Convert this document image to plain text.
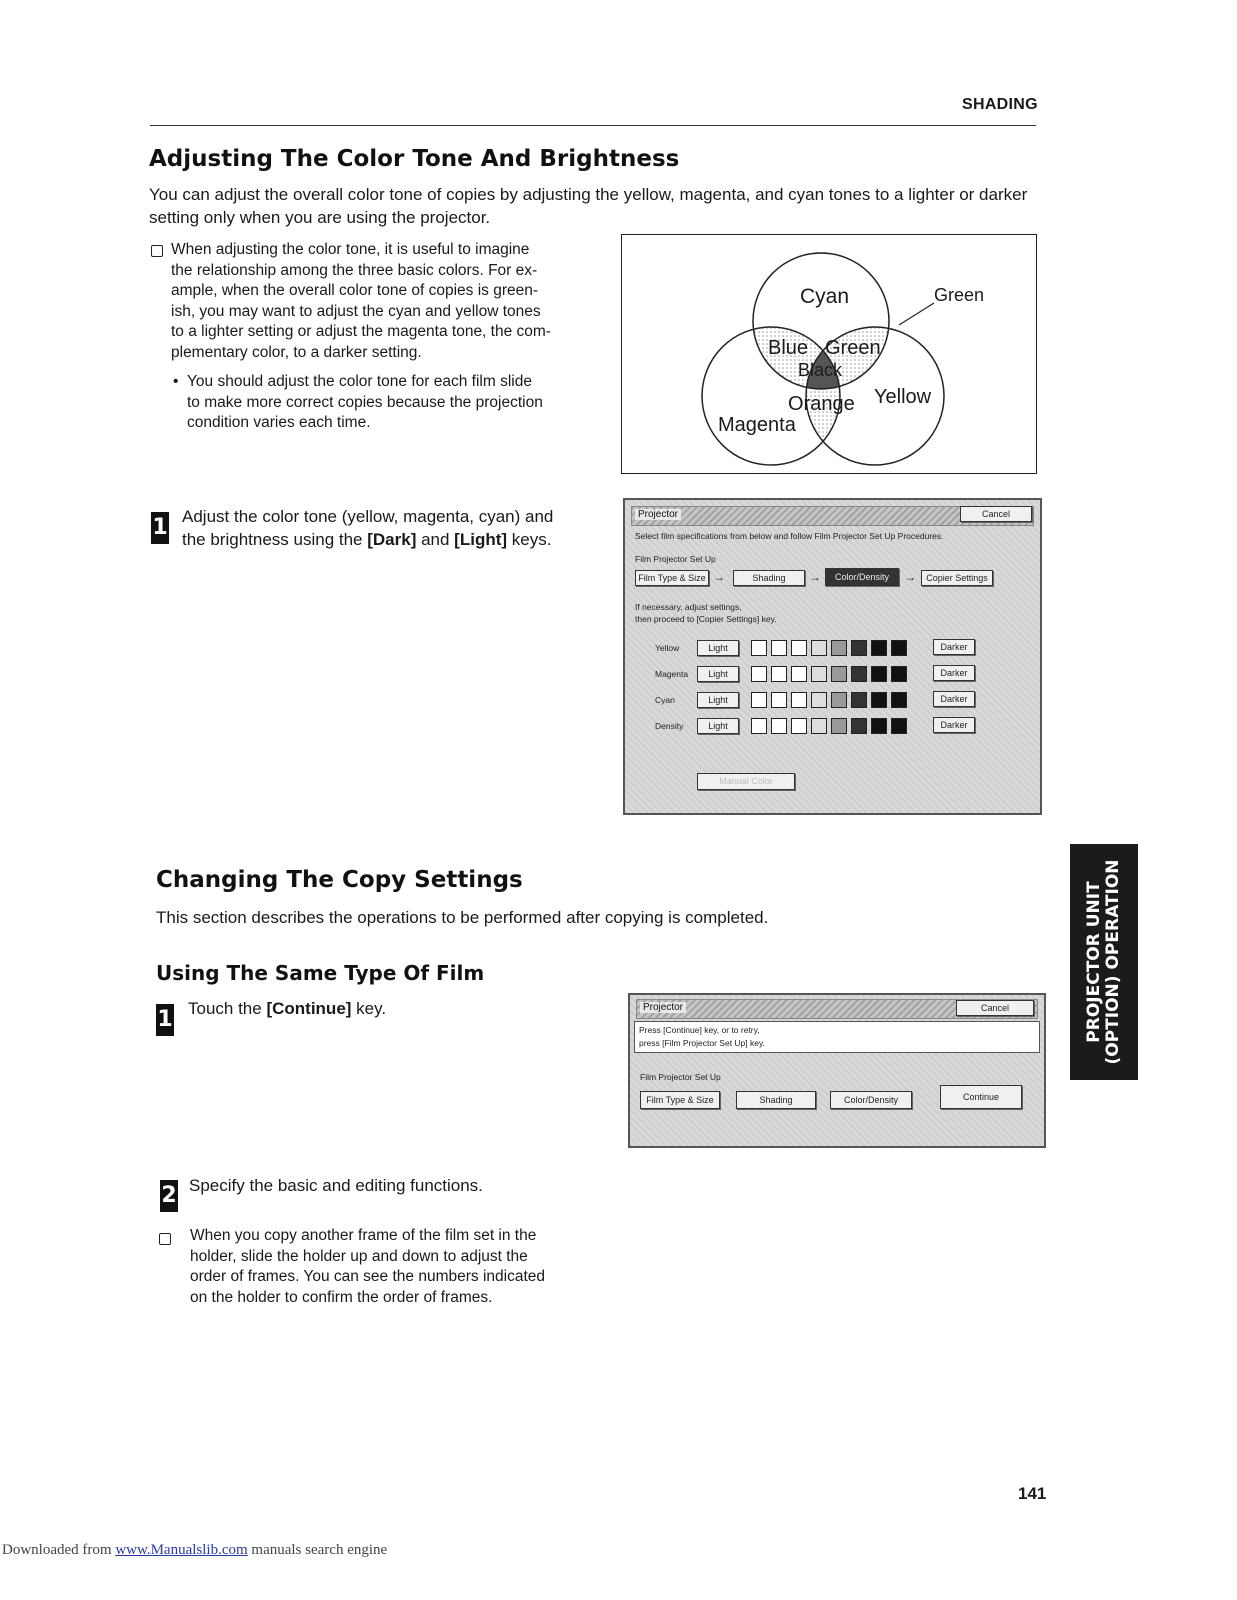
SHADING
Adjusting The Color Tone And Brightness
You can adjust the overall color tone of copies by adjusting the yellow, magenta, and cyan tones to a lighter or darker setting only when you are using the projector.
When adjusting the color tone, it is useful to imagine
the relationship among the three basic colors. For ex-
ample, when the overall color tone of copies is green-
ish, you may want to adjust the cyan and yellow tones
to a lighter setting or adjust the magenta tone, the com-
plementary color, to a darker setting.
• You should adjust the color tone for each film slide
to make more correct copies because the projection
condition varies each time.
Cyan	Green
Blue Green
Black
Orange Yellow
Magenta
1 Adjust the color tone (yellow, magenta, cyan) and
the brightness using the [Dark] and [Light] keys.
Projector	Cancel
Select film specifications from below and follow Film Projector Set Up Procedures.
Film Projector Set Up
Film Type & Size →	Shading	→	Color/Density	→	Copier Settings
If necessary, adjust settings,
then proceed to [Copier Settings] key.
Yellow	Light	Darker
Magenta	Light	Darker
Cyan	Light	Darker
Density	Light	Darker
Manual Color
Changing The Copy Settings
This section describes the operations to be performed after copying is completed.
Using The Same Type Of Film
1 Touch the [Continue] key.	Projector	Cancel
Press [Continue] key, or to retry,
press [Film Projector Set Up] key.
Film Projector Set Up
Film Type & Size	Shading	Color/Density	Continue
2 Specify the basic and editing functions.
When you copy another frame of the film set in the
holder, slide the holder up and down to adjust the
order of frames. You can see the numbers indicated
on the holder to confirm the order of frames.
PROJECTOR UNIT (OPTION) OPERATION
141
Downloaded from www.Manualslib.com manuals search engine
